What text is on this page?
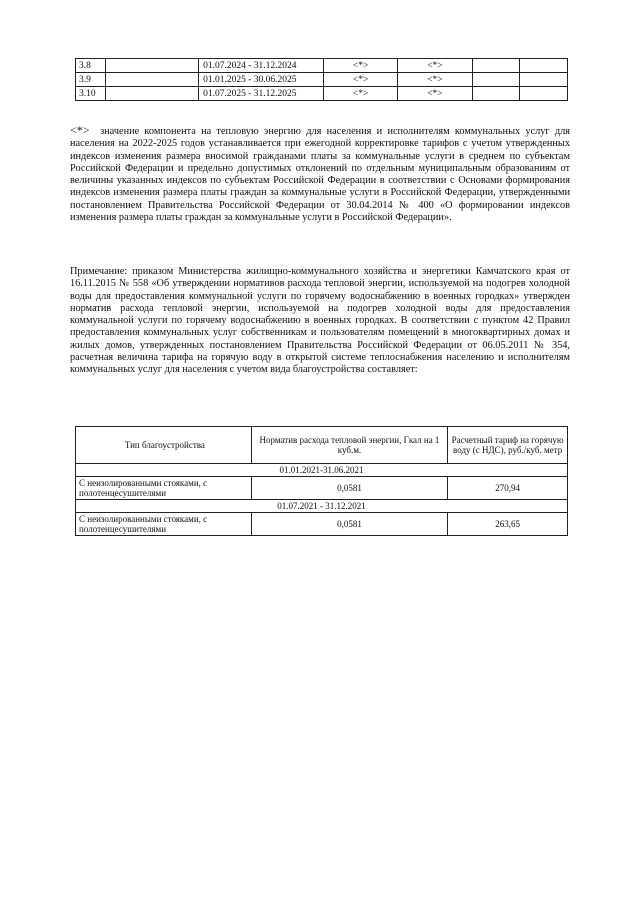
3.8		01.07.2024 - 31.12.2024	<*>	<*>		
3.9		01.01.2025 - 30.06.2025	<*>	<*>		
3.10		01.07.2025 - 31.12.2025	<*>	<*>		

<*> значение компонента на тепловую энергию для населения и исполнителям коммунальных услуг для населения на 2022-2025 годов устанавливается при ежегодной корректировке тарифов с учетом утвержденных индексов изменения размера вносимой гражданами платы за коммунальные услуги в среднем по субъектам Российской Федерации и предельно допустимых отклонений по отдельным муниципальным образованиям от величины указанных индексов по субъектам Российской Федерации в соответствии с Основами формирования индексов изменения размера платы граждан за коммунальные услуги в Российской Федерации, утвержденными постановлением Правительства Российской Федерации от 30.04.2014 № 400 «О формировании индексов изменения размера платы граждан за коммунальные услуги в Российской Федерации».

Примечание: приказом Министерства жилищно-коммунального хозяйства и энергетики Камчатского края от 16.11.2015 № 558 «Об утверждении нормативов расхода тепловой энергии, используемой на подогрев холодной воды для предоставления коммунальной услуги по горячему водоснабжению в военных городках» утвержден норматив расхода тепловой энергии, используемой на подогрев холодной воды для предоставления коммунальной услуги по горячему водоснабжению в военных городках. В соответствии с пунктом 42 Правил предоставления коммунальных услуг собственникам и пользователям помещений в многоквартирных домах и жилых домов, утвержденных постановлением Правительства Российской Федерации от 06.05.2011 № 354, расчетная величина тарифа на горячую воду в открытой системе теплоснабжения населению и исполнителям коммунальных услуг для населения с учетом вида благоустройства составляет:

Тип благоустройства	Норматив расхода тепловой энергии, Гкал на 1 куб.м.	Расчетный тариф на горячую воду (с НДС), руб./куб. метр
01.01.2021-31.06.2021		
С неизолированными стояками, с полотенцесушителями	0,0581	270,94
01.07.2021 - 31.12.2021		
С неизолированными стояками, с полотенцесушителями	0,0581	263,65
